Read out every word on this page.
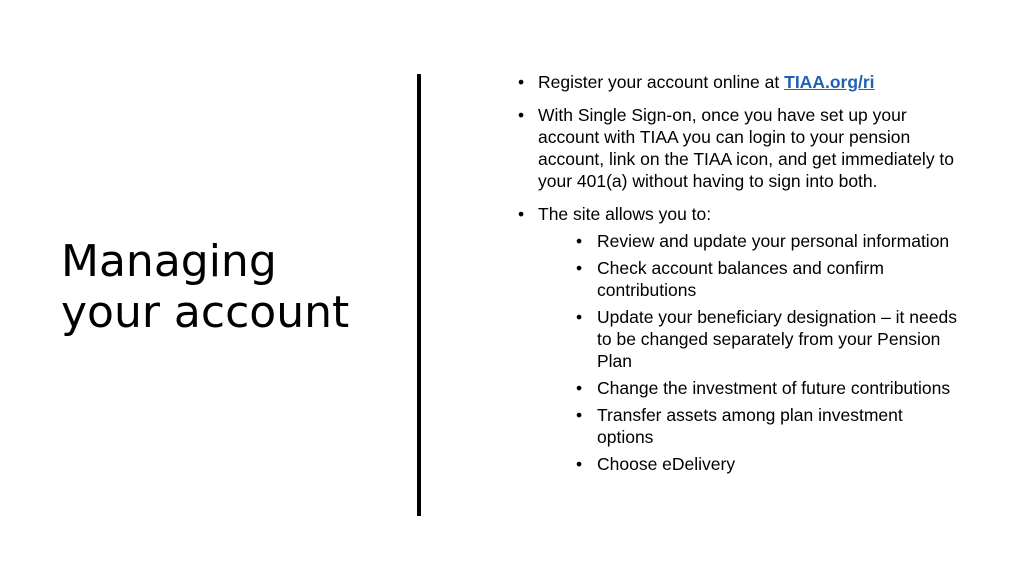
Managing
your account
• Register your account online at TIAA.org/ri
• With Single Sign-on, once you have set up your account with TIAA you can login to your pension account, link on the TIAA icon, and get immediately to your 401(a) without having to sign into both.
• The site allows you to:
• Review and update your personal information
• Check account balances and confirm contributions
• Update your beneficiary designation – it needs to be changed separately from your Pension Plan
• Change the investment of future contributions
• Transfer assets among plan investment options
• Choose eDelivery
